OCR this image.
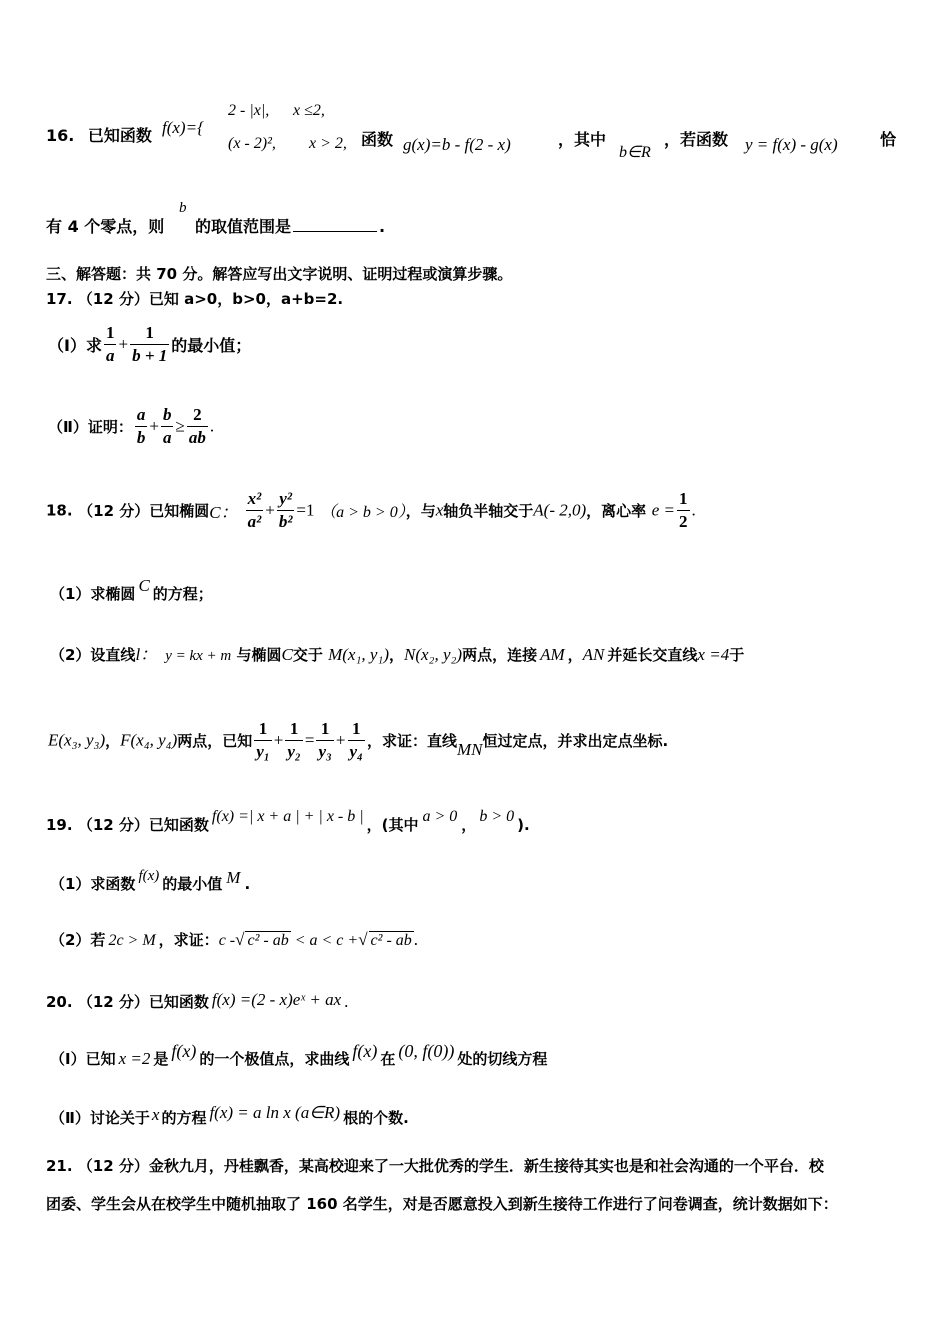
16. 已知函数 f(x)={
2 - |x|, x ≤2,
(x - 2)², x > 2, 函数 g(x)=b - f(2 - x)	，其中
b∈R
，若函数 y = f(x) - g(x)	恰
有 4 个零点，则
b
的取值范围是	.
三、解答题：共 70 分。解答应写出文字说明、证明过程或演算步骤。
17. （12 分）已知 a>0，b>0，a+b=2.
（Ⅰ）求 $\frac{1}{a} + \frac{1}{b + 1}$ 的最小值；
（Ⅱ）证明： $\frac{a}{b} + \frac{b}{a} \ge \frac{2}{ab}$ .
18. （12 分）已知椭圆C： $\frac{\text{x²}}{\text{a²}} + \frac{\text{y²}}{\text{b²}} =1$ （a > b > 0），与x轴负半轴交于A(- 2,0)，离心率 $e = \frac{1}{2}$ .
（1）求椭圆 C 的方程；
（2）设直线l： y = kx + m 与椭圆C交于 M(x₁, y₁)，N(x₂, y₂)两点，连接 AM ，AN 并延长交直线x =4于
E(x₃, y₃)，F(x₄, y₄)两点，已知 $\frac{1}{\text{y₁}} + \frac{1}{\text{y₂}} = \frac{1}{\text{y₃}} + \frac{1}{\text{y₄}}$ ，求证：直线MN恒过定点，并求出定点坐标.
19. （12 分）已知函数 f(x) =| x + a | + | x - b | ，(其中 a > 0 ， b > 0 ).
（1）求函数 f(x) 的最小值 M .
（2）若 2c > M ，求证：c -√ c² - ab < a < c +√ c² - ab .
20. （12 分）已知函数 f(x) =(2 - x)eˣ + ax .
（Ⅰ）已知 x =2 是 f(x) 的一个极值点，求曲线 f(x) 在 (0, f(0)) 处的切线方程
（Ⅱ）讨论关于 x 的方程 f(x) = a ln x (a∈R) 根的个数.
21. （12 分）金秋九月，丹桂飘香，某高校迎来了一大批优秀的学生．新生接待其实也是和社会沟通的一个平台．校
团委、学生会从在校学生中随机抽取了 160 名学生，对是否愿意投入到新生接待工作进行了问卷调查，统计数据如下：
